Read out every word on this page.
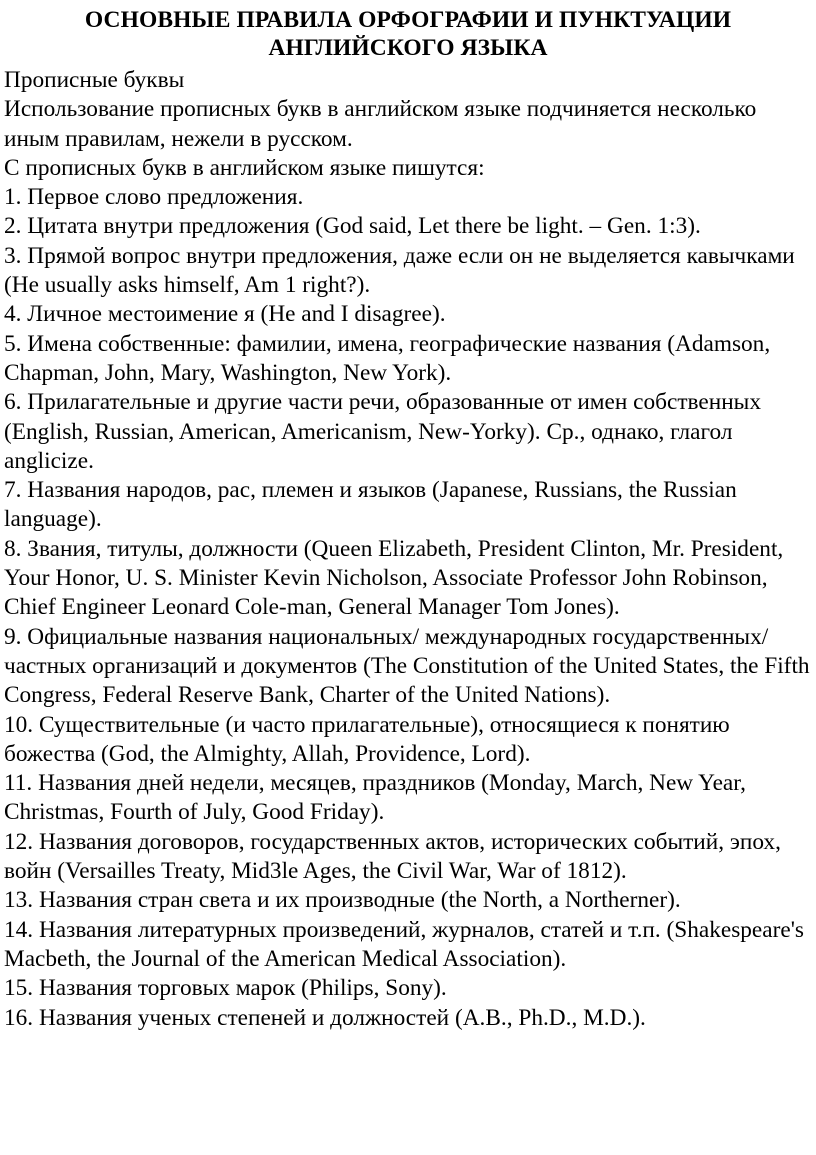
ОСНОВНЫЕ ПРАВИЛА ОРФОГРАФИИ И ПУНКТУАЦИИ
АНГЛИЙСКОГО ЯЗЫКА

Прописные буквы

Использование прописных букв в английском языке подчиняется несколько иным правилам, нежели в русском.

С прописных букв в английском языке пишутся:

1. Первое слово предложения.

2. Цитата внутри предложения (God said, Let there be light. – Gen. 1:3).

3. Прямой вопрос внутри предложения, даже если он не выделяется кавычками (He usually asks himself, Am 1 right?).

4. Личное местоимение я (He and I disagree).

5. Имена собственные: фамилии, имена, географические названия (Adamson, Chapman, John, Mary, Washington, New York).

6. Прилагательные и другие части речи, образованные от имен собственных (English, Russian, American, Americanism, New-Yorky). Ср., однако, глагол anglicize.

7. Названия народов, рас, племен и языков (Japanese, Russians, the Russian language).

8. Звания, титулы, должности (Queen Elizabeth, President Clinton, Mr. President, Your Honor, U. S. Minister Kevin Nicholson, Associate Professor John Robinson, Chief Engineer Leonard Cole-man, General Manager Tom Jones).

9. Официальные названия национальных/ международных государственных/ частных организаций и документов (The Constitution of the United States, the Fifth Congress, Federal Reserve Bank, Charter of the United Nations).

10. Существительные (и часто прилагательные), относящиеся к понятию божества (God, the Almighty, Allah, Providence, Lord).

11. Названия дней недели, месяцев, праздников (Monday, March, New Year, Christmas, Fourth of July, Good Friday).

12. Названия договоров, государственных актов, исторических событий, эпох, войн (Versailles Treaty, Mid3le Ages, the Civil War, War of 1812).

13. Названия стран света и их производные (the North, a Northerner).

14. Названия литературных произведений, журналов, статей и т.п. (Shakespeare's Macbeth, the Journal of the American Medical Association).

15. Названия торговых марок (Philips, Sony).

16. Названия ученых степеней и должностей (A.B., Ph.D., M.D.).
